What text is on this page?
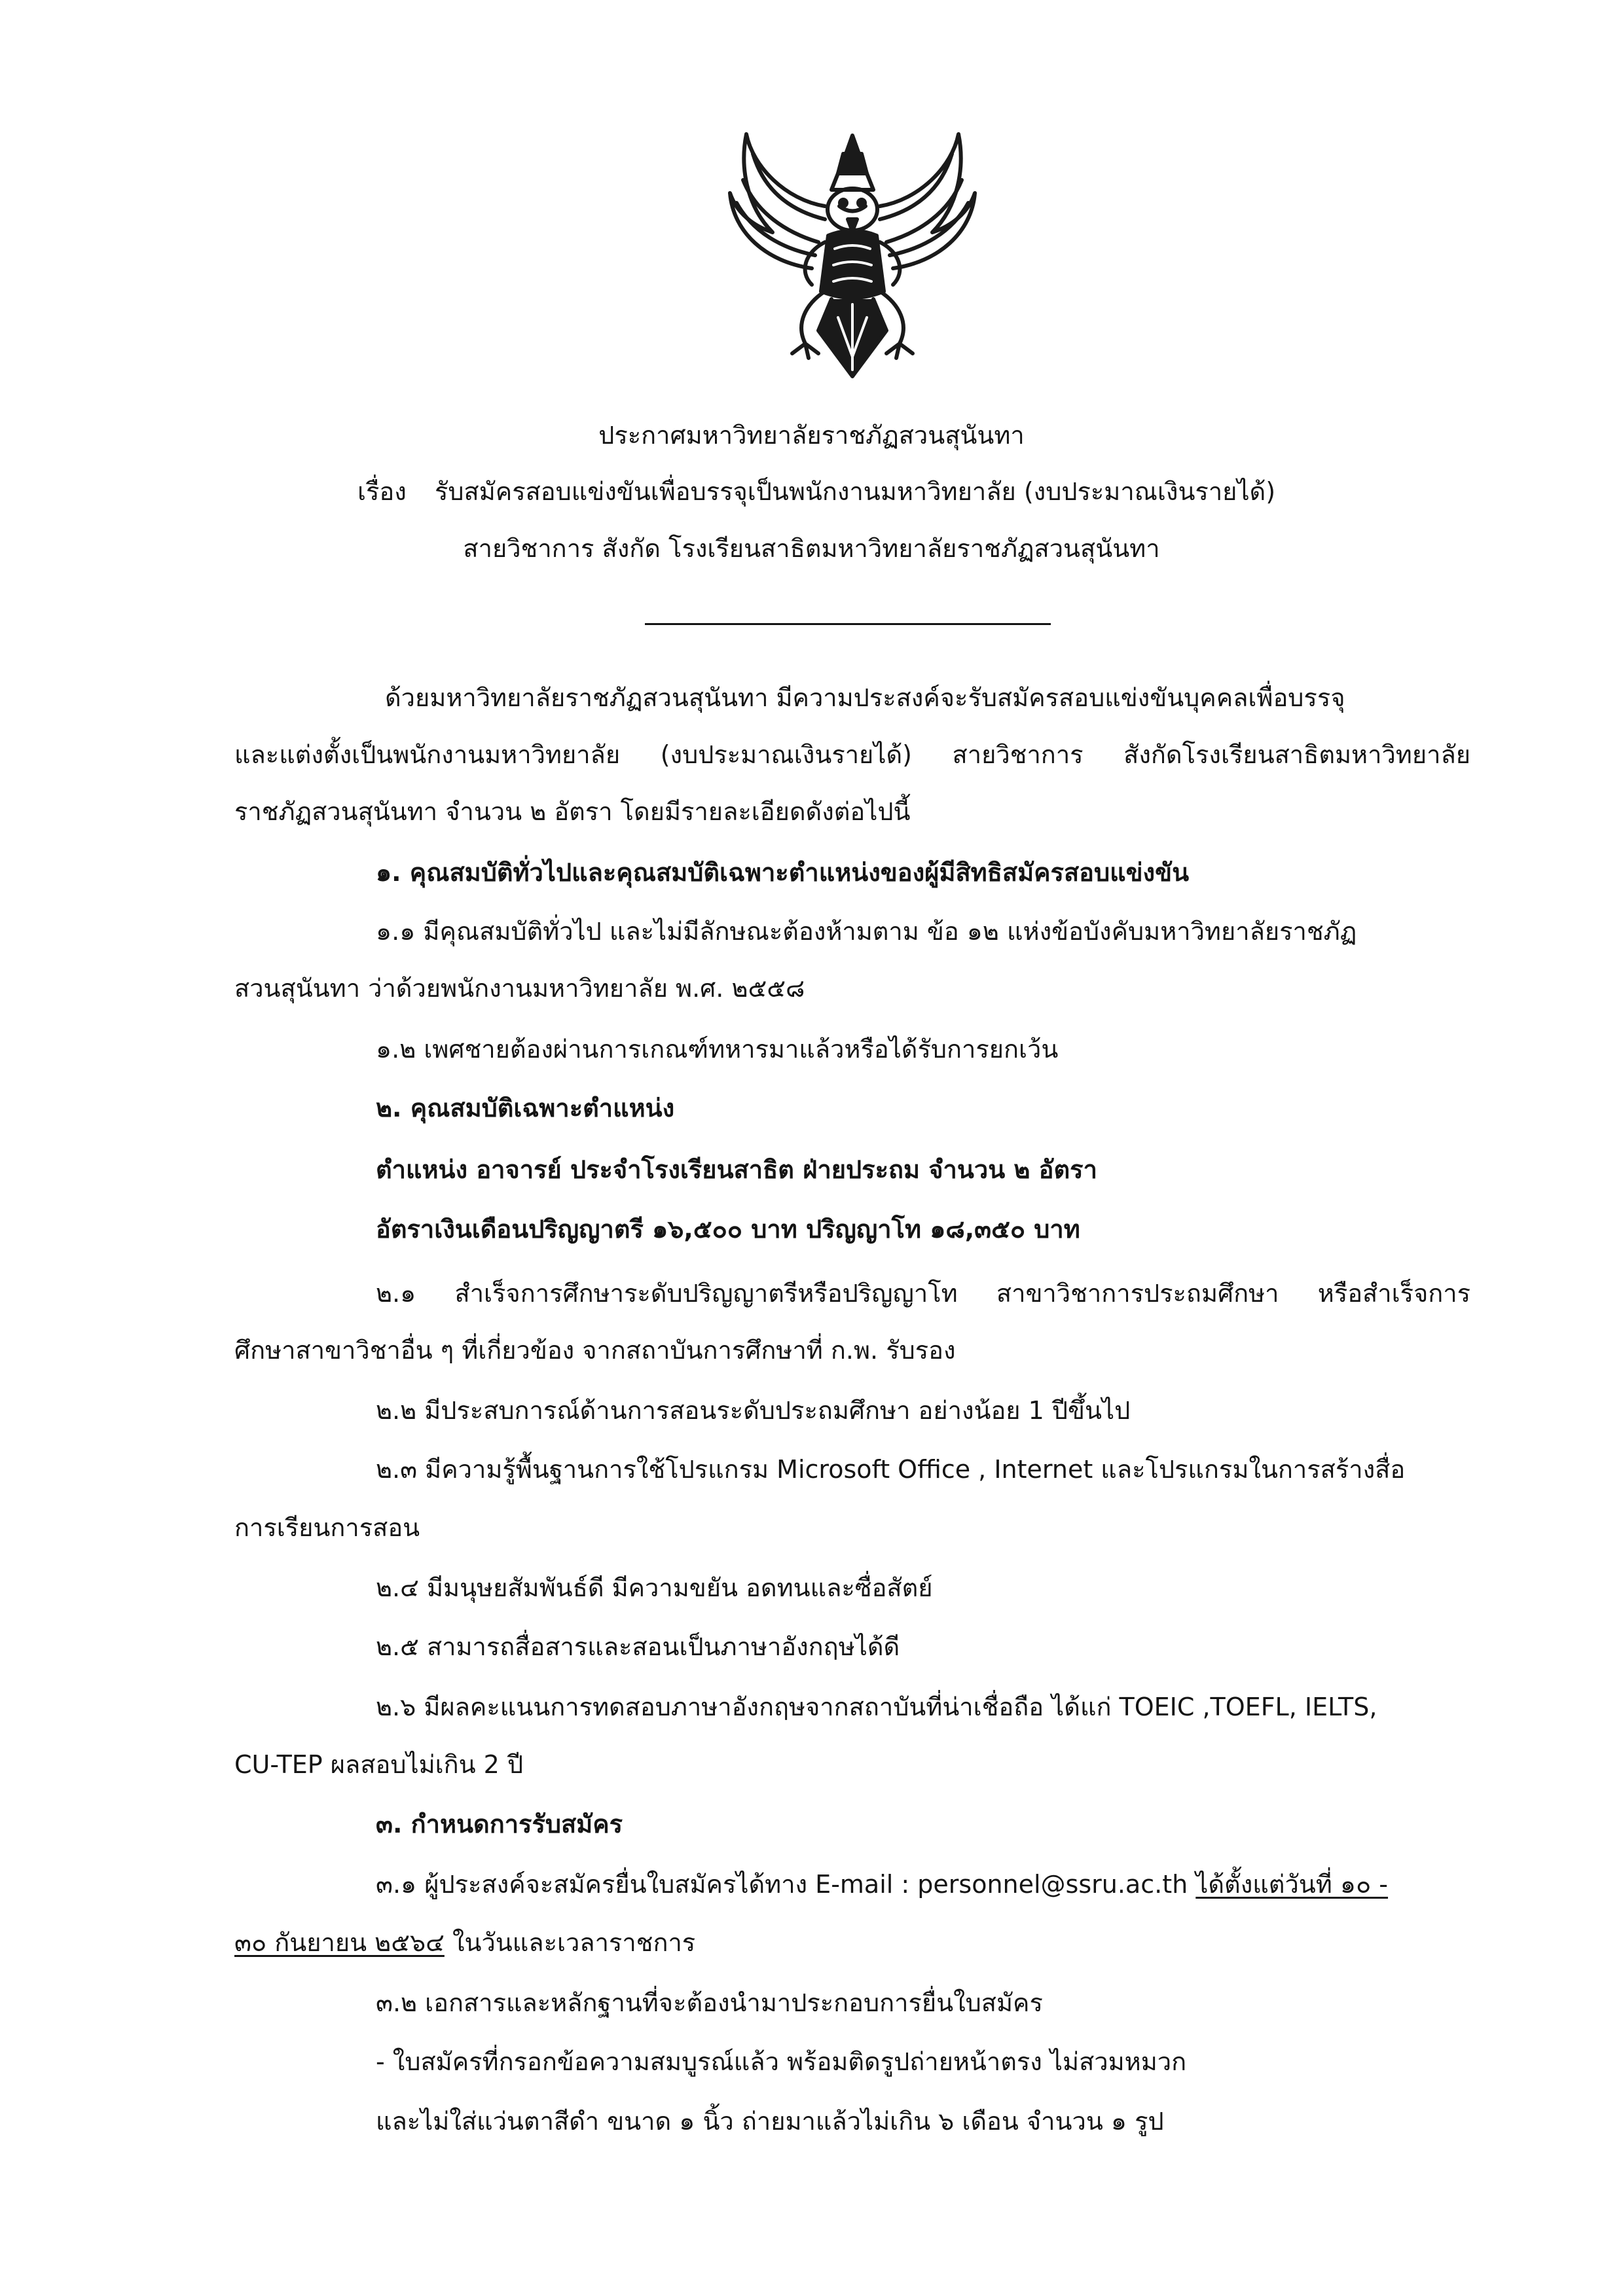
ประกาศมหาวิทยาลัยราชภัฏสวนสุนันทา
เรื่อง รับสมัครสอบแข่งขันเพื่อบรรจุเป็นพนักงานมหาวิทยาลัย (งบประมาณเงินรายได้)
สายวิชาการ สังกัด โรงเรียนสาธิตมหาวิทยาลัยราชภัฏสวนสุนันทา
ด้วยมหาวิทยาลัยราชภัฏสวนสุนันทา มีความประสงค์จะรับสมัครสอบแข่งขันบุคคลเพื่อบรรจุ
และแต่งตั้งเป็นพนักงานมหาวิทยาลัย (งบประมาณเงินรายได้) สายวิชาการ สังกัดโรงเรียนสาธิตมหาวิทยาลัย
ราชภัฏสวนสุนันทา จำนวน ๒ อัตรา โดยมีรายละเอียดดังต่อไปนี้
๑. คุณสมบัติทั่วไปและคุณสมบัติเฉพาะตำแหน่งของผู้มีสิทธิสมัครสอบแข่งขัน
๑.๑ มีคุณสมบัติทั่วไป และไม่มีลักษณะต้องห้ามตาม ข้อ ๑๒ แห่งข้อบังคับมหาวิทยาลัยราชภัฏ
สวนสุนันทา ว่าด้วยพนักงานมหาวิทยาลัย พ.ศ. ๒๕๕๘
๑.๒ เพศชายต้องผ่านการเกณฑ์ทหารมาแล้วหรือได้รับการยกเว้น
๒. คุณสมบัติเฉพาะตำแหน่ง
ตำแหน่ง อาจารย์ ประจำโรงเรียนสาธิต ฝ่ายประถม จำนวน ๒ อัตรา
อัตราเงินเดือนปริญญาตรี ๑๖,๕๐๐ บาท ปริญญาโท ๑๘,๓๕๐ บาท
๒.๑ สำเร็จการศึกษาระดับปริญญาตรีหรือปริญญาโท สาขาวิชาการประถมศึกษา หรือสำเร็จการ
ศึกษาสาขาวิชาอื่น ๆ ที่เกี่ยวข้อง จากสถาบันการศึกษาที่ ก.พ. รับรอง
๒.๒ มีประสบการณ์ด้านการสอนระดับประถมศึกษา อย่างน้อย 1 ปีขึ้นไป
๒.๓ มีความรู้พื้นฐานการใช้โปรแกรม Microsoft Office , Internet และโปรแกรมในการสร้างสื่อ
การเรียนการสอน
๒.๔ มีมนุษยสัมพันธ์ดี มีความขยัน อดทนและซื่อสัตย์
๒.๕ สามารถสื่อสารและสอนเป็นภาษาอังกฤษได้ดี
๒.๖ มีผลคะแนนการทดสอบภาษาอังกฤษจากสถาบันที่น่าเชื่อถือ ได้แก่ TOEIC ,TOEFL, IELTS,
CU-TEP ผลสอบไม่เกิน 2 ปี
๓. กำหนดการรับสมัคร
๓.๑ ผู้ประสงค์จะสมัครยื่นใบสมัครได้ทาง E-mail : personnel@ssru.ac.th ได้ตั้งแต่วันที่ ๑๐ -
๓๐ กันยายน ๒๕๖๔ ในวันและเวลาราชการ
๓.๒ เอกสารและหลักฐานที่จะต้องนำมาประกอบการยื่นใบสมัคร
- ใบสมัครที่กรอกข้อความสมบูรณ์แล้ว พร้อมติดรูปถ่ายหน้าตรง ไม่สวมหมวก
และไม่ใส่แว่นตาสีดำ ขนาด ๑ นิ้ว ถ่ายมาแล้วไม่เกิน ๖ เดือน จำนวน ๑ รูป
